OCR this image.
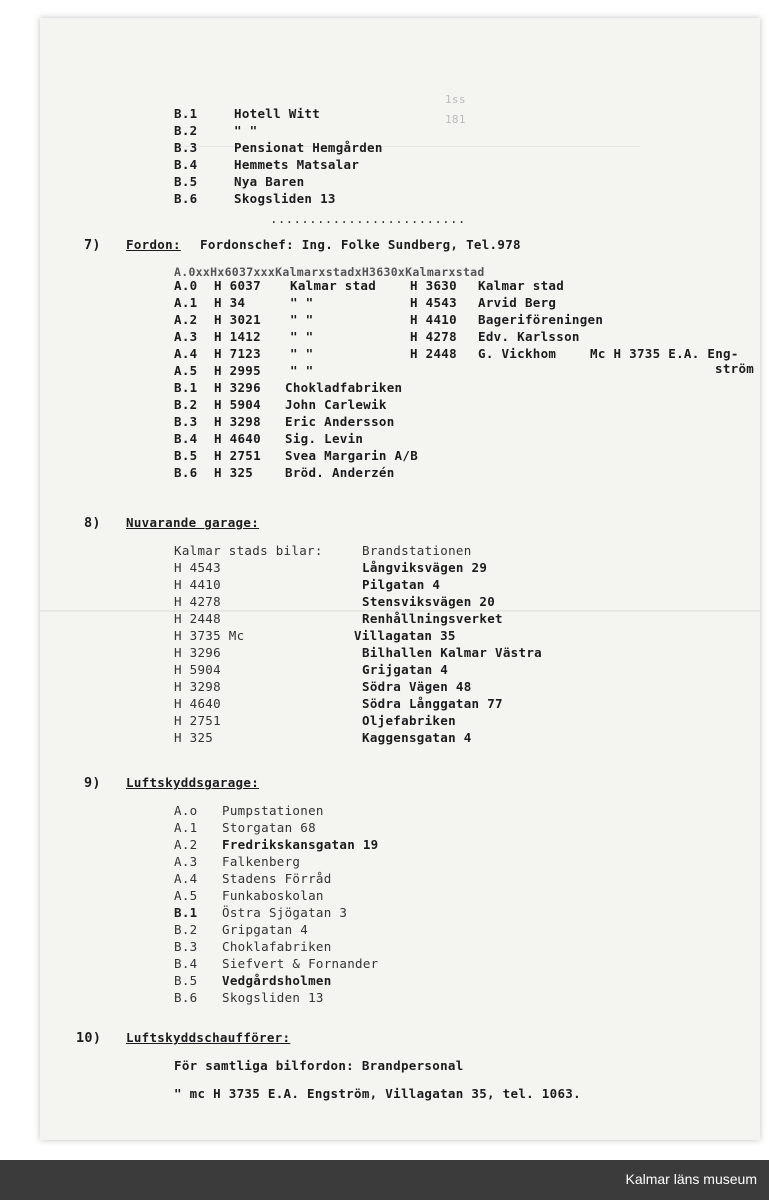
1ss
181
B.1	Hotell Witt
B.2	" "
B.3	Pensionat Hemgården
B.4	Hemmets Matsalar
B.5	Nya Baren
B.6	Skogsliden 13
.........................
7) Fordon: Fordonschef: Ing. Folke Sundberg, Tel.978
A.0xxHx6037xxxKalmarxstadxH3630xKalmarxstad
A.0 H 6037 Kalmar stad	H 3630 Kalmar stad
A.1 H 34	" "	H 4543 Arvid Berg
A.2 H 3021 " "	H 4410 Bageriföreningen
A.3 H 1412 " "	H 4278 Edv. Karlsson
A.4 H 7123 " "	H 2448 G. Vickhom	Mc H 3735 E.A. Eng-
ström
A.5 H 2995 " "
B.1 H 3296 Chokladfabriken
B.2 H 5904 John Carlewik
B.3 H 3298 Eric Andersson
B.4 H 4640 Sig. Levin
B.5 H 2751 Svea Margarin A/B
B.6 H 325	Bröd. Anderzén
8) Nuvarande garage:
Kalmar stads bilar:	Brandstationen
H 4543	Långviksvägen 29
H 4410	Pilgatan 4
H 4278	Stensviksvägen 20
H 2448	Renhållningsverket
H 3735 Mc	Villagatan 35
H 3296	Bilhallen Kalmar Västra
H 5904	Grijgatan 4
H 3298	Södra Vägen 48
H 4640	Södra Långgatan 77
H 2751	Oljefabriken
H 325	Kaggensgatan 4
9) Luftskyddsgarage:
A.o Pumpstationen
A.1 Storgatan 68
A.2 Fredrikskansgatan 19
A.3 Falkenberg
A.4 Stadens Förråd
A.5 Funkaboskolan
B.1 Östra Sjögatan 3
B.2 Gripgatan 4
B.3 Choklafabriken
B.4 Siefvert & Fornander
B.5 Vedgårdsholmen
B.6 Skogsliden 13
10) Luftskyddschaufförer:
För samtliga bilfordon: Brandpersonal
" mc H 3735 E.A. Engström, Villagatan 35, tel. 1063.
Kalmar läns museum
